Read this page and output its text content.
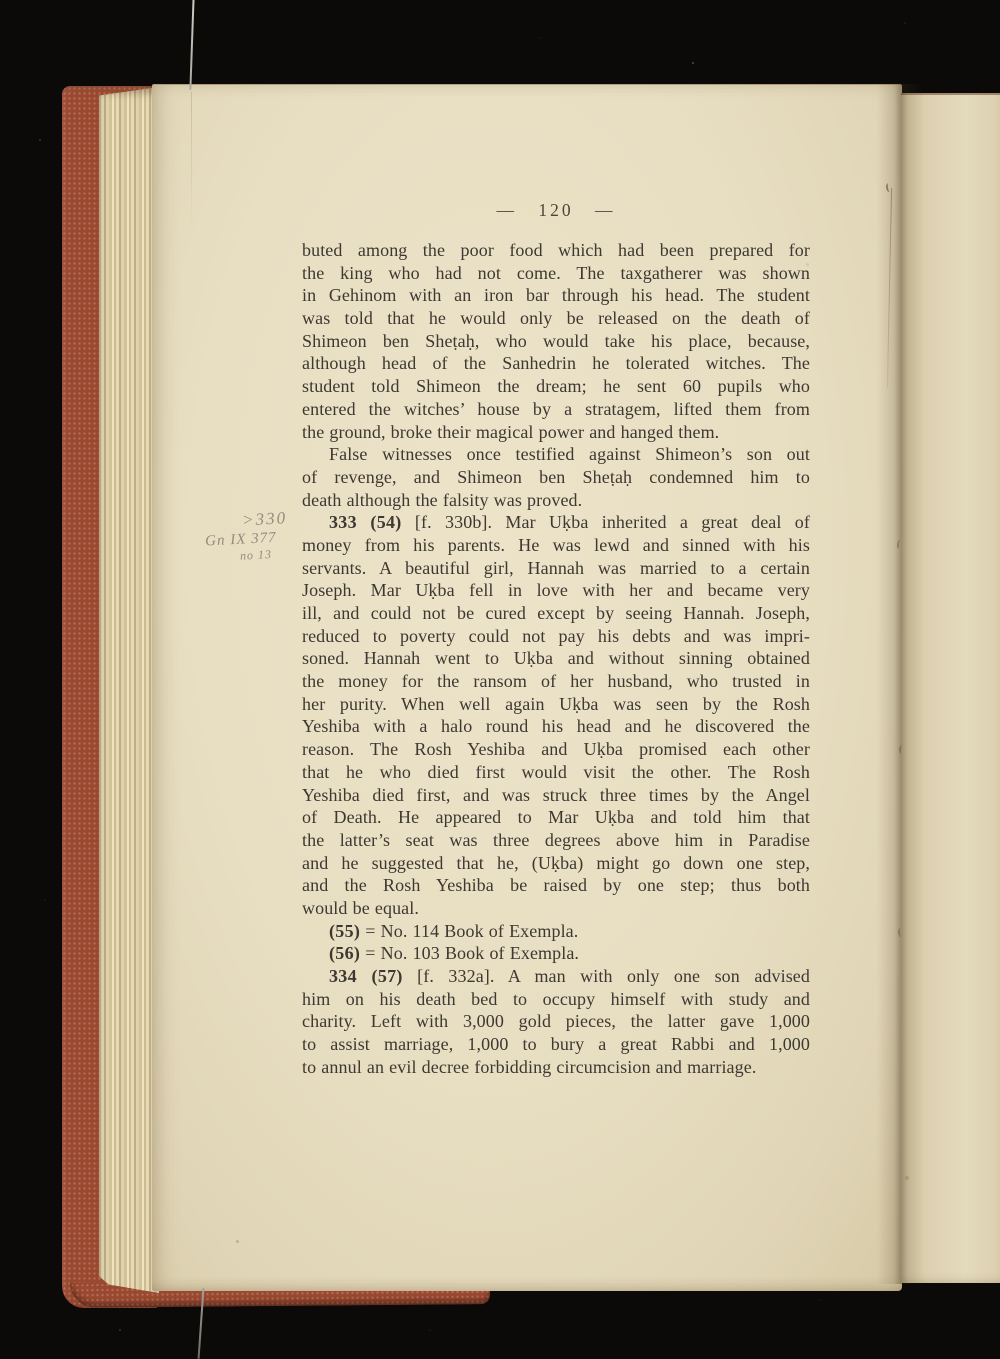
— 120 —
buted among the poor food which had been prepared for
the king who had not come. The taxgatherer was shown
in Gehinom with an iron bar through his head. The student
was told that he would only be released on the death of
Shimeon ben Sheṭaḥ, who would take his place, because,
although head of the Sanhedrin he tolerated witches. The
student told Shimeon the dream; he sent 60 pupils who
entered the witches’ house by a stratagem, lifted them from
the ground, broke their magical power and hanged them.
False witnesses once testified against Shimeon’s son out
of revenge, and Shimeon ben Sheṭaḥ condemned him to
death although the falsity was proved.
333 (54) [f. 330b]. Mar Uḳba inherited a great deal of
money from his parents. He was lewd and sinned with his
servants. A beautiful girl, Hannah was married to a certain
Joseph. Mar Uḳba fell in love with her and became very
ill, and could not be cured except by seeing Hannah. Joseph,
reduced to poverty could not pay his debts and was impri-
soned. Hannah went to Uḳba and without sinning obtained
the money for the ransom of her husband, who trusted in
her purity. When well again Uḳba was seen by the Rosh
Yeshiba with a halo round his head and he discovered the
reason. The Rosh Yeshiba and Uḳba promised each other
that he who died first would visit the other. The Rosh
Yeshiba died first, and was struck three times by the Angel
of Death. He appeared to Mar Uḳba and told him that
the latter’s seat was three degrees above him in Paradise
and he suggested that he, (Uḳba) might go down one step,
and the Rosh Yeshiba be raised by one step; thus both
would be equal.
(55) = No. 114 Book of Exempla.
(56) = No. 103 Book of Exempla.
334 (57) [f. 332a]. A man with only one son advised
him on his death bed to occupy himself with study and
charity. Left with 3,000 gold pieces, the latter gave 1,000
to assist marriage, 1,000 to bury a great Rabbi and 1,000
to annul an evil decree forbidding circumcision and marriage.
>330
Gn IX 377
no 13
